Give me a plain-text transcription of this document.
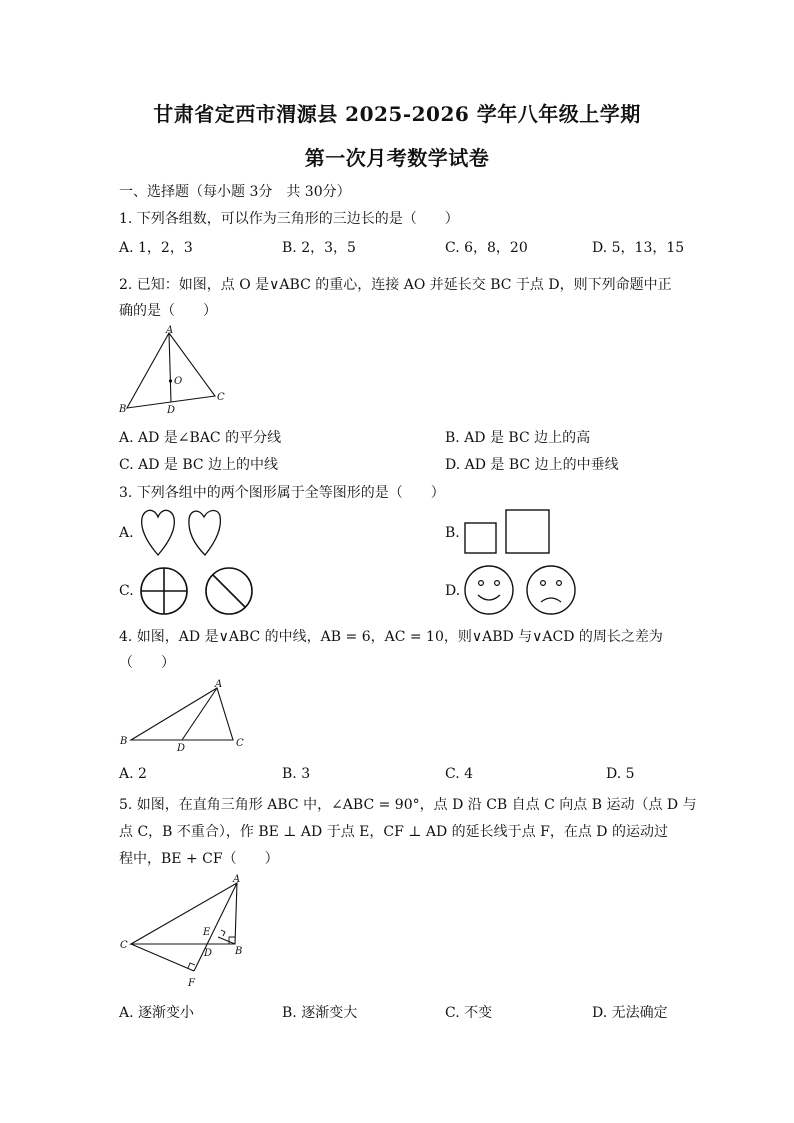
甘肃省定西市渭源县 2025-2026 学年八年级上学期
第一次月考数学试卷
一、选择题（每小题 3分　共 30分）
1. 下列各组数，可以作为三角形的三边长的是（　　）
A. 1，2，3	B. 2，3，5	C. 6，8，20	D. 5，13，15
2. 已知：如图，点 O 是∨ABC 的重心，连接 AO 并延长交 BC 于点 D，则下列命题中正
确的是（　　）
A
O
B	D
C
A. AD 是∠BAC 的平分线	B. AD 是 BC 边上的高
C. AD 是 BC 边上的中线	D. AD 是 BC 边上的中垂线
3. 下列各组中的两个图形属于全等图形的是（　　）
A.	B.
C.	D.
4. 如图，AD 是∨ABC 的中线，AB = 6，AC = 10，则∨ABD 与∨ACD 的周长之差为
（　　）
A
B
D	C
A. 2	B. 3	C. 4	D. 5
5. 如图，在直角三角形 ABC 中，∠ABC = 90°，点 D 沿 CB 自点 C 向点 B 运动（点 D 与
点 C，B 不重合），作 BE ⊥ AD 于点 E，CF ⊥ AD 的延长线于点 F，在点 D 的运动过
程中，BE + CF（　　）
A
E
C
D B
F
A. 逐渐变小	B. 逐渐变大	C. 不变	D. 无法确定
